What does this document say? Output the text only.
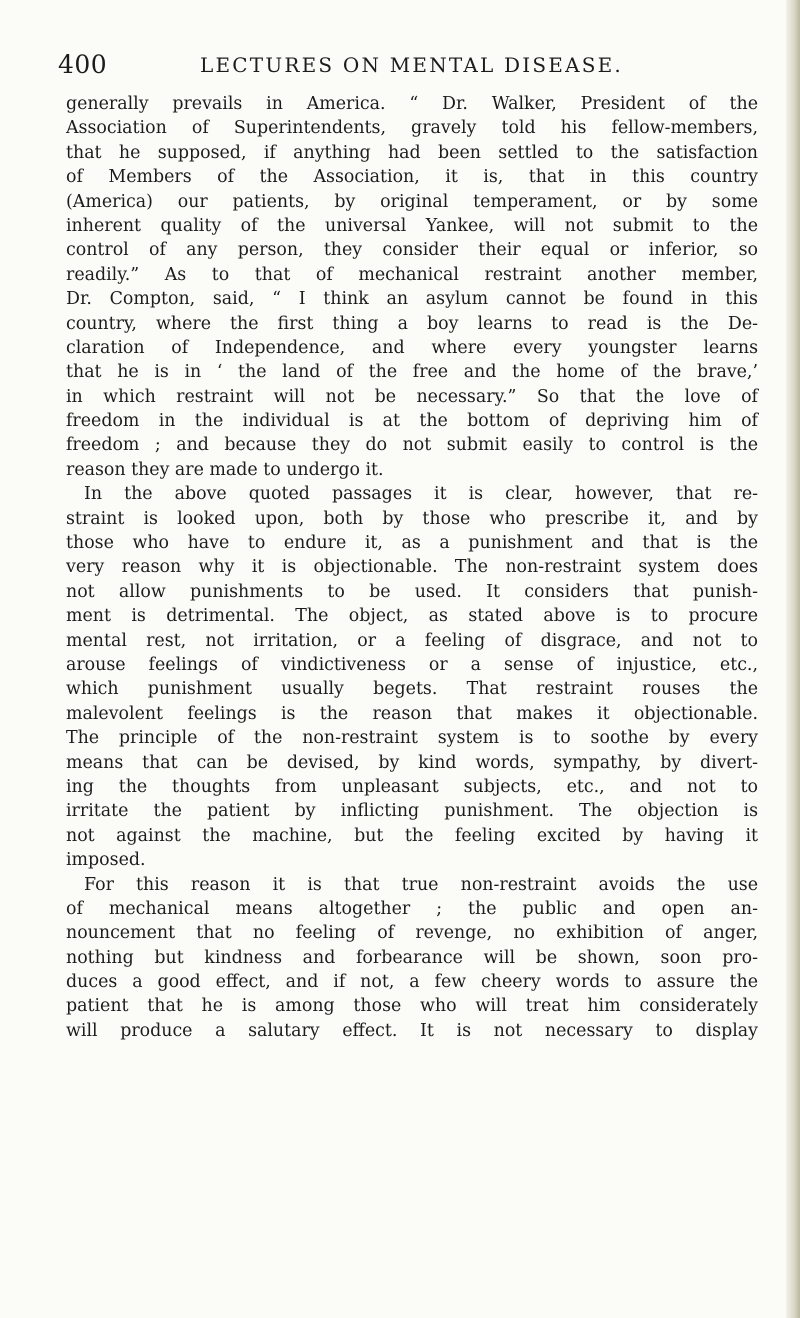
400	LECTURES ON MENTAL DISEASE.
generally prevails in America. “ Dr. Walker, President of the
Association of Superintendents, gravely told his fellow-members,
that he supposed, if anything had been settled to the satisfaction
of Members of the Association, it is, that in this country
(America) our patients, by original temperament, or by some
inherent quality of the universal Yankee, will not submit to the
control of any person, they consider their equal or inferior, so
readily.” As to that of mechanical restraint another member,
Dr. Compton, said, “ I think an asylum cannot be found in this
country, where the first thing a boy learns to read is the De-
claration of Independence, and where every youngster learns
that he is in ‘ the land of the free and the home of the brave,’
in which restraint will not be necessary.” So that the love of
freedom in the individual is at the bottom of depriving him of
freedom ; and because they do not submit easily to control is the
reason they are made to undergo it.
In the above quoted passages it is clear, however, that re-
straint is looked upon, both by those who prescribe it, and by
those who have to endure it, as a punishment and that is the
very reason why it is objectionable. The non-restraint system does
not allow punishments to be used. It considers that punish-
ment is detrimental. The object, as stated above is to procure
mental rest, not irritation, or a feeling of disgrace, and not to
arouse feelings of vindictiveness or a sense of injustice, etc.,
which punishment usually begets. That restraint rouses the
malevolent feelings is the reason that makes it objectionable.
The principle of the non-restraint system is to soothe by every
means that can be devised, by kind words, sympathy, by divert-
ing the thoughts from unpleasant subjects, etc., and not to
irritate the patient by inflicting punishment. The objection is
not against the machine, but the feeling excited by having it
imposed.
For this reason it is that true non-restraint avoids the use
of mechanical means altogether ; the public and open an-
nouncement that no feeling of revenge, no exhibition of anger,
nothing but kindness and forbearance will be shown, soon pro-
duces a good effect, and if not, a few cheery words to assure the
patient that he is among those who will treat him considerately
will produce a salutary effect. It is not necessary to display
